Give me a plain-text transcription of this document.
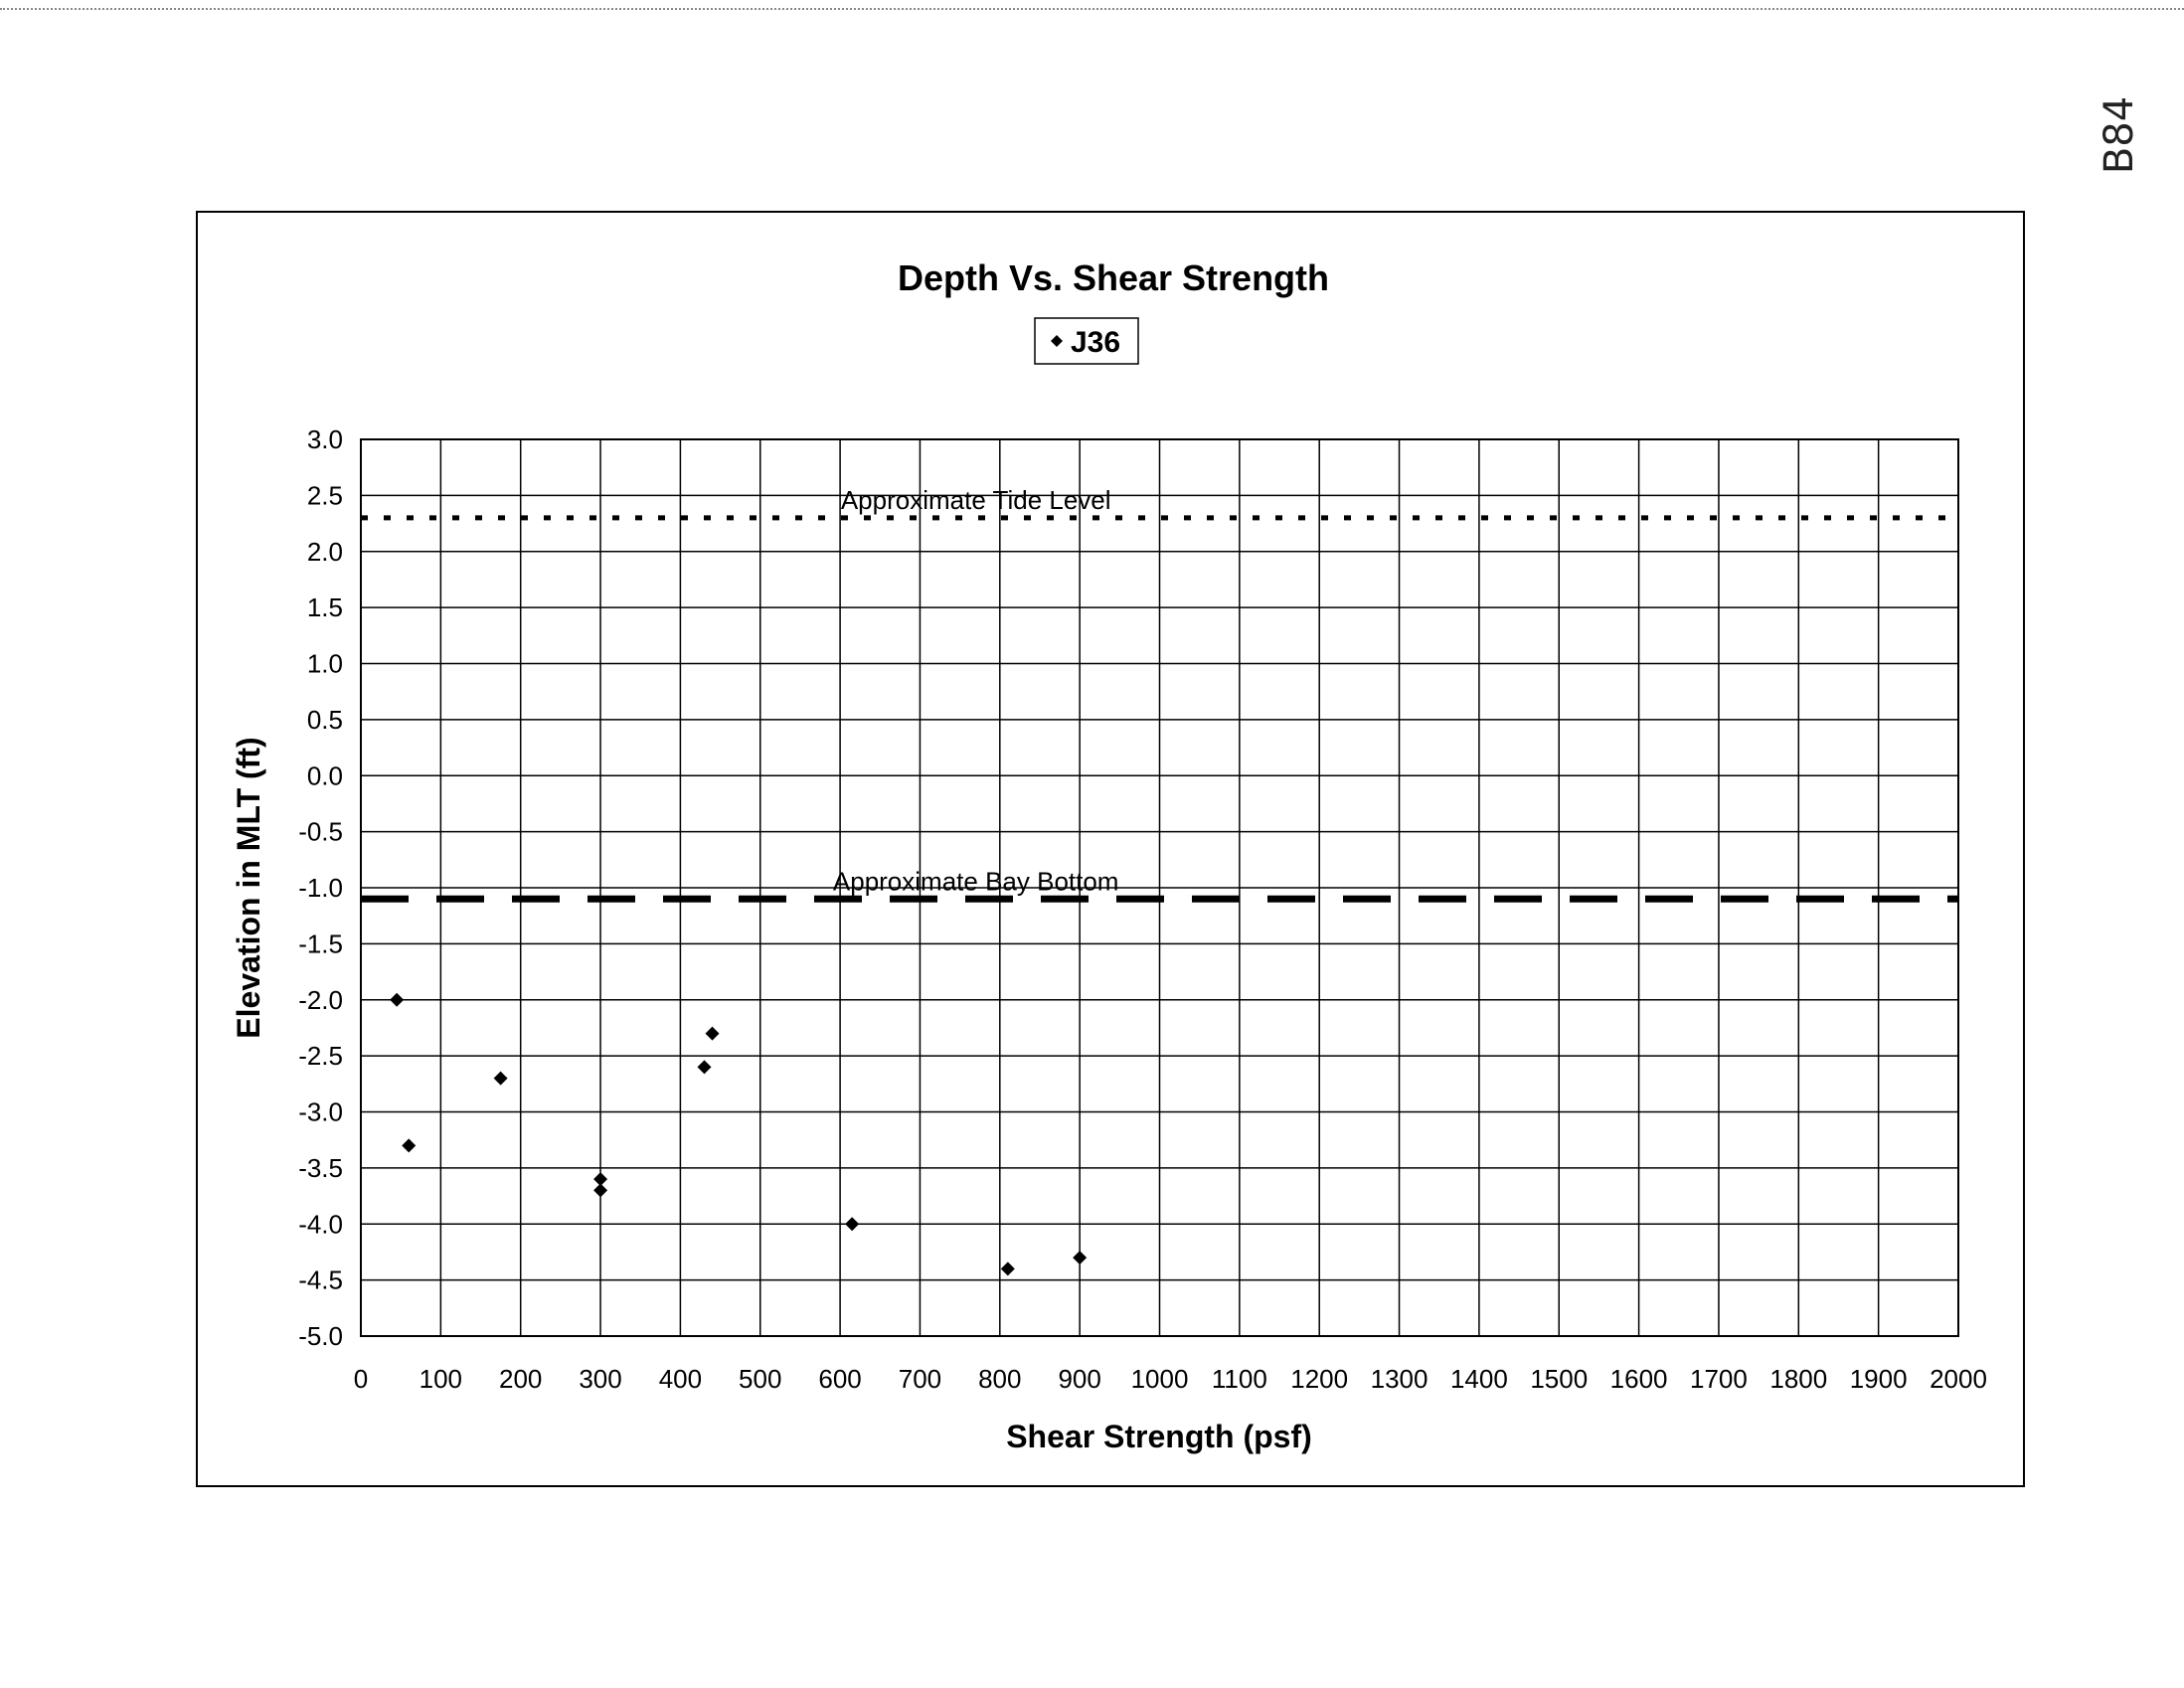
B84
Depth Vs. Shear Strength
J36
Approximate Tide Level
Approximate Bay Bottom
3.0
2.5
2.0
1.5
1.0
0.5
0.0
-0.5
-1.0
-1.5
-2.0
-2.5
-3.0
-3.5
-4.0
-4.5
-5.0
0 100 200 300 400 500 600 700 800 900 1000 1100 1200 1300 1400 1500 1600 1700 1800 1900 2000
Shear Strength (psf)
Elevation in MLT (ft)
